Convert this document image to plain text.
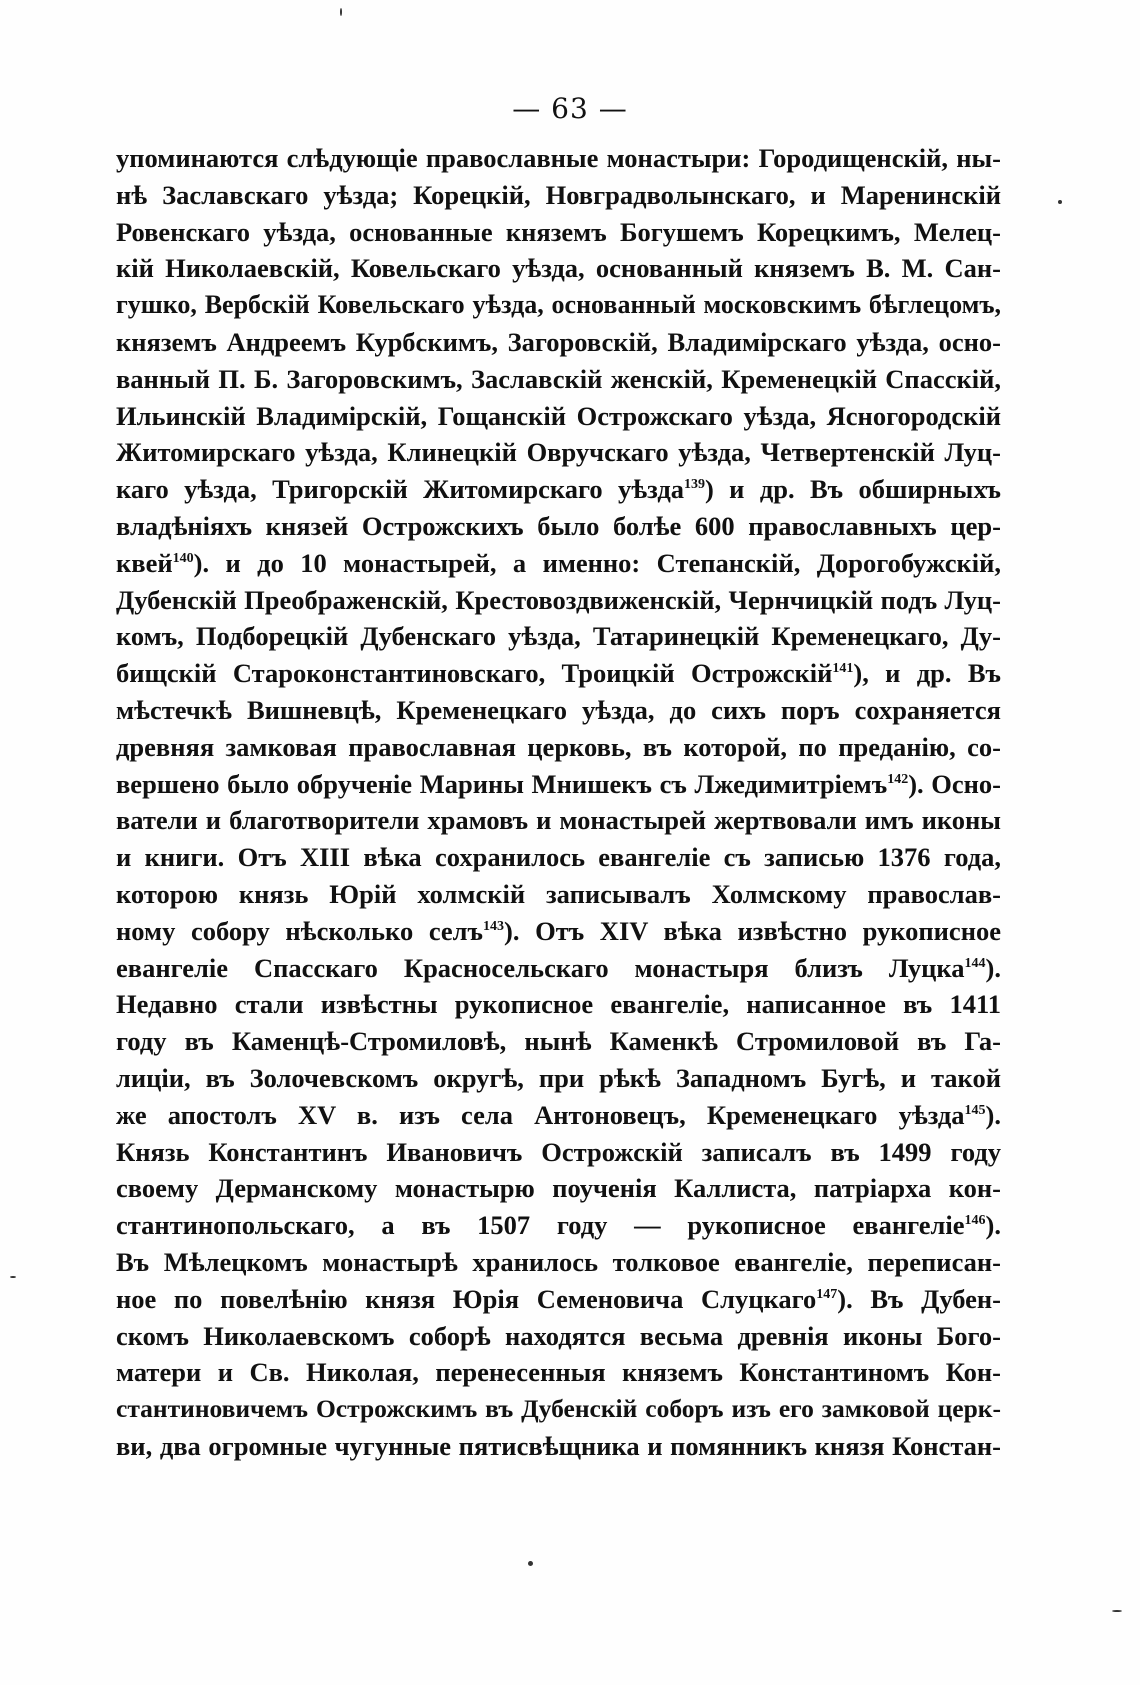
— 63 —
упоминаются слѣдующіе православные монастыри: Городищенскій, ны-
нѣ Заславскаго уѣзда; Корецкій, Новградволынскаго, и Маренинскій
Ровенскаго уѣзда, основанные княземъ Богушемъ Корецкимъ, Мелец-
кій Николаевскій, Ковельскаго уѣзда, основанный княземъ В. М. Сан-
гушко, Вербскій Ковельскаго уѣзда, основанный московскимъ бѣглецомъ,
княземъ Андреемъ Курбскимъ, Загоровскій, Владимірскаго уѣзда, осно-
ванный П. Б. Загоровскимъ, Заславскій женскій, Кременецкій Спасскій,
Ильинскій Владимірскій, Гощанскій Острожскаго уѣзда, Ясногородскій
Житомирскаго уѣзда, Клинецкій Овручскаго уѣзда, Четвертенскій Луц-
каго уѣзда, Тригорскій Житомирскаго уѣзда$^{139}$) и др. Въ обширныхъ
владѣніяхъ князей Острожскихъ было болѣе 600 православныхъ цер-
квей$^{140}$). и до 10 монастырей, а именно: Степанскій, Дорогобужскій,
Дубенскій Преображенскій, Крестовоздвиженскій, Чернчицкій подъ Луц-
комъ, Подборецкій Дубенскаго уѣзда, Татаринецкій Кременецкаго, Ду-
бищскій Староконстантиновскаго, Троицкій Острожскій$^{141}$), и др. Въ
мѣстечкѣ Вишневцѣ, Кременецкаго уѣзда, до сихъ поръ сохраняется
древняя замковая православная церковь, въ которой, по преданію, со-
вершено было обрученіе Марины Мнишекъ съ Лжедимитріемъ$^{142}$). Осно-
ватели и благотворители храмовъ и монастырей жертвовали имъ иконы
и книги. Отъ XIII вѣка сохранилось евангеліе съ записью 1376 года,
которою князь Юрій холмскій записывалъ Холмскому православ-
ному собору нѣсколько селъ$^{143}$). Отъ XIV вѣка извѣстно рукописное
евангеліе Спасскаго Красносельскаго монастыря близъ Луцка$^{144}$).
Недавно стали извѣстны рукописное евангеліе, написанное въ 1411
году въ Каменцѣ-Стромиловѣ, нынѣ Каменкѣ Стромиловой въ Га-
лиціи, въ Золочевскомъ округѣ, при рѣкѣ Западномъ Бугѣ, и такой
же апостолъ XV в. изъ села Антоновецъ, Кременецкаго уѣзда$^{145}$).
Князь Константинъ Ивановичъ Острожскій записалъ въ 1499 году
своему Дерманскому монастырю поученія Каллиста, патріарха кон-
стантинопольскаго, а въ 1507 году — рукописное евангеліе$^{146}$).
Въ Мѣлецкомъ монастырѣ хранилось толковое евангеліе, переписан-
ное по повелѣнію князя Юрія Семеновича Слуцкаго$^{147}$). Въ Дубен-
скомъ Николаевскомъ соборѣ находятся весьма древнія иконы Бого-
матери и Св. Николая, перенесенныя княземъ Константиномъ Кон-
стантиновичемъ Острожскимъ въ Дубенскій соборъ изъ его замковой церк-
ви, два огромные чугунные пятисвѣщника и помянникъ князя Констан-
